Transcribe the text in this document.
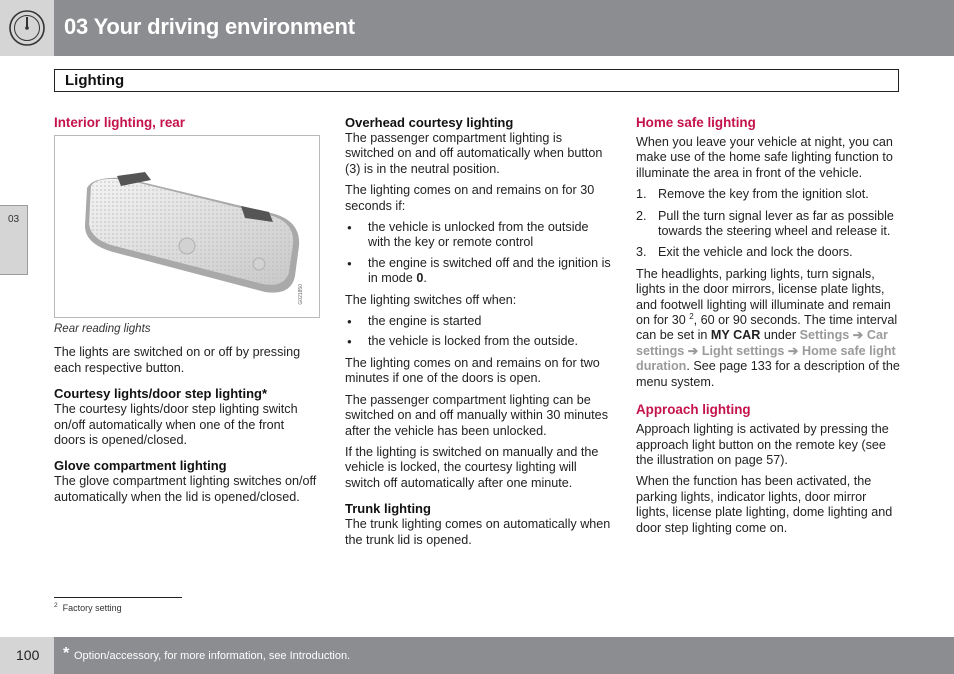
03 Your driving environment
Lighting
03
Interior lighting, rear
G021850
Rear reading lights

The lights are switched on or off by pressing each respective button.

Courtesy lights/door step lighting*

The courtesy lights/door step lighting switch on/off automatically when one of the front doors is opened/closed.

Glove compartment lighting

The glove compartment lighting switches on/off automatically when the lid is opened/closed.

Overhead courtesy lighting

The passenger compartment lighting is switched on and off automatically when button (3) is in the neutral position.

The lighting comes on and remains on for 30 seconds if:

● the vehicle is unlocked from the outside with the key or remote control
● the engine is switched off and the ignition is in mode 0.

The lighting switches off when:

● the engine is started
● the vehicle is locked from the outside.

The lighting comes on and remains on for two minutes if one of the doors is open.

The passenger compartment lighting can be switched on and off manually within 30 minutes after the vehicle has been unlocked.

If the lighting is switched on manually and the vehicle is locked, the courtesy lighting will switch off automatically after one minute.

Trunk lighting

The trunk lighting comes on automatically when the trunk lid is opened.

Home safe lighting

When you leave your vehicle at night, you can make use of the home safe lighting function to illuminate the area in front of the vehicle.

1. Remove the key from the ignition slot.
2. Pull the turn signal lever as far as possible towards the steering wheel and release it.
3. Exit the vehicle and lock the doors.

The headlights, parking lights, turn signals, lights in the door mirrors, license plate lights, and footwell lighting will illuminate and remain on for 30 $^2$, 60 or 90 seconds. The time interval can be set in MY CAR under Settings ➔ Car settings ➔ Light settings ➔ Home safe light duration. See page 133 for a description of the menu system.

Approach lighting

Approach lighting is activated by pressing the approach light button on the remote key (see the illustration on page 57).

When the function has been activated, the parking lights, indicator lights, door mirror lights, license plate lighting, dome lighting and door step lighting come on.

$^2$ Factory setting
100 * Option/accessory, for more information, see Introduction.
